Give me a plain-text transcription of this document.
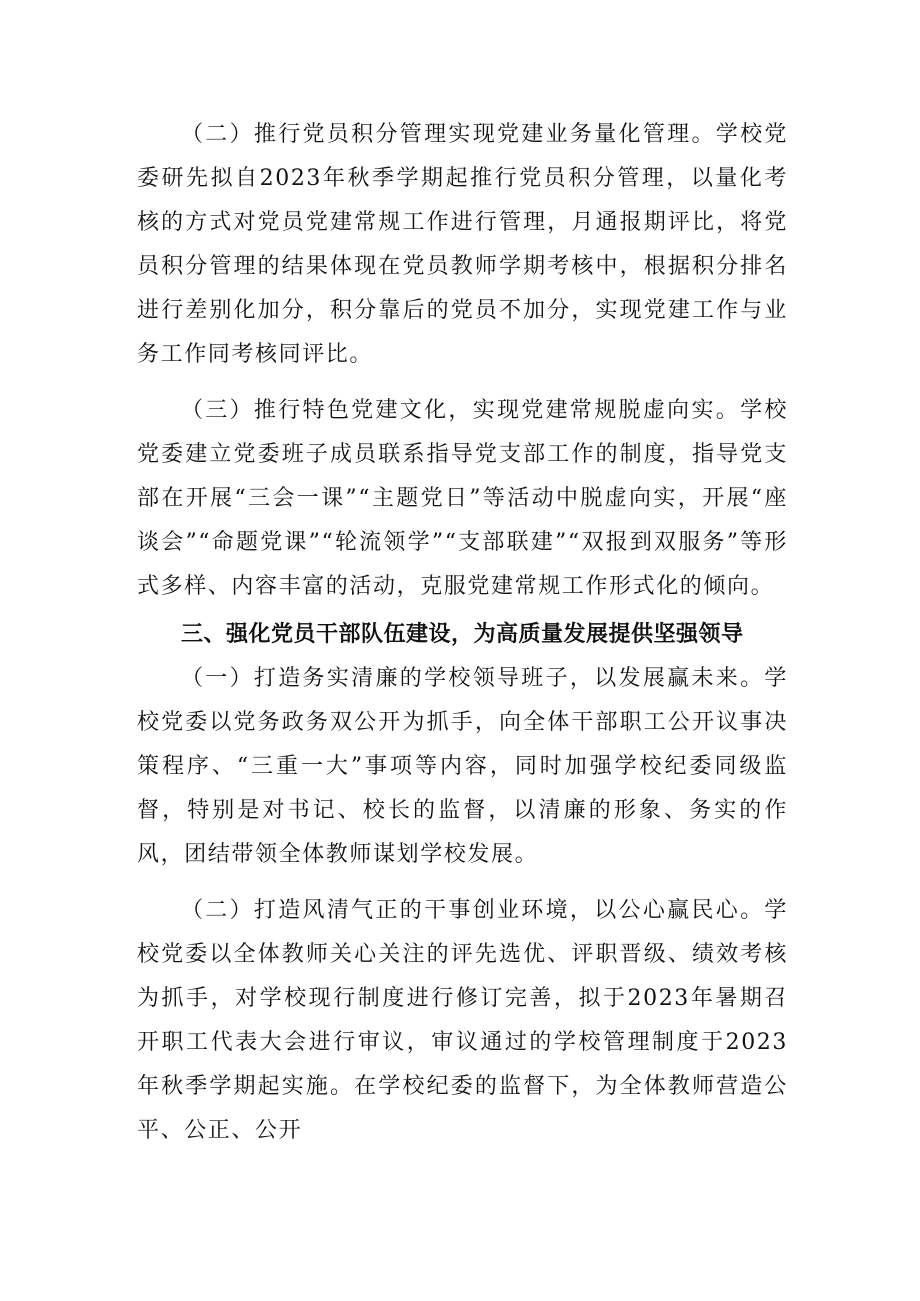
（二）推行党员积分管理实现党建业务量化管理。学校党委研先拟自2023年秋季学期起推行党员积分管理，以量化考核的方式对党员党建常规工作进行管理，月通报期评比，将党员积分管理的结果体现在党员教师学期考核中，根据积分排名进行差别化加分，积分靠后的党员不加分，实现党建工作与业务工作同考核同评比。

（三）推行特色党建文化，实现党建常规脱虚向实。学校党委建立党委班子成员联系指导党支部工作的制度，指导党支部在开展“三会一课”“主题党日”等活动中脱虚向实，开展“座谈会”“命题党课”“轮流领学”“支部联建”“双报到双服务”等形式多样、内容丰富的活动，克服党建常规工作形式化的倾向。

三、强化党员干部队伍建设，为高质量发展提供坚强领导

（一）打造务实清廉的学校领导班子，以发展赢未来。学校党委以党务政务双公开为抓手，向全体干部职工公开议事决策程序、“三重一大”事项等内容，同时加强学校纪委同级监督，特别是对书记、校长的监督，以清廉的形象、务实的作风，团结带领全体教师谋划学校发展。

（二）打造风清气正的干事创业环境，以公心赢民心。学校党委以全体教师关心关注的评先选优、评职晋级、绩效考核为抓手，对学校现行制度进行修订完善，拟于2023年暑期召开职工代表大会进行审议，审议通过的学校管理制度于2023年秋季学期起实施。在学校纪委的监督下，为全体教师营造公平、公正、公开
